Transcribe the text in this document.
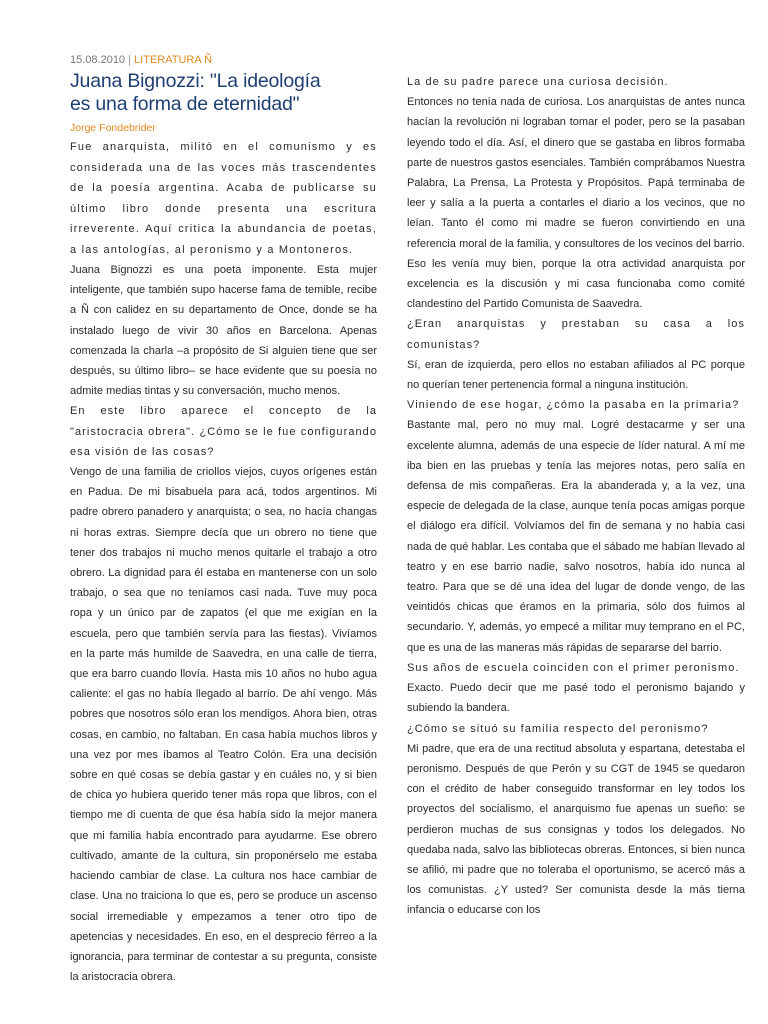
15.08.2010 | LITERATURA Ñ
Juana Bignozzi: "La ideología
es una forma de eternidad"
Jorge Fondebrider

Fue anarquista, militó en el comunismo y es considerada una de las voces más trascendentes de la poesía argentina. Acaba de publicarse su último libro donde presenta una escritura irreverente. Aquí critica la abundancia de poetas, a las antologías, al peronismo y a Montoneros.

Juana Bignozzi es una poeta imponente. Esta mujer inteligente, que también supo hacerse fama de temible, recibe a Ñ con calidez en su departamento de Once, donde se ha instalado luego de vivir 30 años en Barcelona. Apenas comenzada la charla –a propósito de Si alguien tiene que ser después, su último libro– se hace evidente que su poesía no admite medias tintas y su conversación, mucho menos.

En este libro aparece el concepto de la "aristocracia obrera". ¿Cómo se le fue configurando esa visión de las cosas?

Vengo de una familia de criollos viejos, cuyos orígenes están en Padua. De mi bisabuela para acá, todos argentinos. Mi padre obrero panadero y anarquista; o sea, no hacía changas ni horas extras. Siempre decía que un obrero no tiene que tener dos trabajos ni mucho menos quitarle el trabajo a otro obrero. La dignidad para él estaba en mantenerse con un solo trabajo, o sea que no teníamos casi nada. Tuve muy poca ropa y un único par de zapatos (el que me exigían en la escuela, pero que también servía para las fiestas). Vivíamos en la parte más humilde de Saavedra, en una calle de tierra, que era barro cuando llovía. Hasta mis 10 años no hubo agua caliente: el gas no había llegado al barrio. De ahí vengo. Más pobres que nosotros sólo eran los mendigos. Ahora bien, otras cosas, en cambio, no faltaban. En casa había muchos libros y una vez por mes íbamos al Teatro Colón. Era una decisión sobre en qué cosas se debía gastar y en cuáles no, y si bien de chica yo hubiera querido tener más ropa que libros, con el tiempo me di cuenta de que ésa había sido la mejor manera que mi familia había encontrado para ayudarme. Ese obrero cultivado, amante de la cultura, sin proponérselo me estaba haciendo cambiar de clase. La cultura nos hace cambiar de clase. Una no traiciona lo que es, pero se produce un ascenso social irremediable y empezamos a tener otro tipo de apetencias y necesidades. En eso, en el desprecio férreo a la ignorancia, para terminar de contestar a su pregunta, consiste la aristocracia obrera.

La de su padre parece una curiosa decisión.

Entonces no tenía nada de curiosa. Los anarquistas de antes nunca hacían la revolución ni lograban tomar el poder, pero se la pasaban leyendo todo el día. Así, el dinero que se gastaba en libros formaba parte de nuestros gastos esenciales. También comprábamos Nuestra Palabra, La Prensa, La Protesta y Propósitos. Papá terminaba de leer y salía a la puerta a contarles el diario a los vecinos, que no leían. Tanto él como mi madre se fueron convirtiendo en una referencia moral de la familia, y consultores de los vecinos del barrio. Eso les venía muy bien, porque la otra actividad anarquista por excelencia es la discusión y mi casa funcionaba como comité clandestino del Partido Comunista de Saavedra.

¿Eran anarquistas y prestaban su casa a los comunistas?

Sí, eran de izquierda, pero ellos no estaban afiliados al PC porque no querían tener pertenencia formal a ninguna institución.

Viniendo de ese hogar, ¿cómo la pasaba en la primaria?

Bastante mal, pero no muy mal. Logré destacarme y ser una excelente alumna, además de una especie de líder natural. A mí me iba bien en las pruebas y tenía las mejores notas, pero salía en defensa de mis compañeras. Era la abanderada y, a la vez, una especie de delegada de la clase, aunque tenía pocas amigas porque el diálogo era difícil. Volvíamos del fin de semana y no había casi nada de qué hablar. Les contaba que el sábado me habían llevado al teatro y en ese barrio nadie, salvo nosotros, había ido nunca al teatro. Para que se dé una idea del lugar de donde vengo, de las veintidós chicas que éramos en la primaria, sólo dos fuimos al secundario. Y, además, yo empecé a militar muy temprano en el PC, que es una de las maneras más rápidas de separarse del barrio.

Sus años de escuela coinciden con el primer peronismo.

Exacto. Puedo decir que me pasé todo el peronismo bajando y subiendo la bandera.

¿Cómo se situó su familia respecto del peronismo?

Mi padre, que era de una rectitud absoluta y espartana, detestaba el peronismo. Después de que Perón y su CGT de 1945 se quedaron con el crédito de haber conseguido transformar en ley todos los proyectos del socialismo, el anarquismo fue apenas un sueño: se perdieron muchas de sus consignas y todos los delegados. No quedaba nada, salvo las bibliotecas obreras. Entonces, si bien nunca se afilió, mi padre que no toleraba el oportunismo, se acercó más a los comunistas. ¿Y usted? Ser comunista desde la más tierna infancia o educarse con los
